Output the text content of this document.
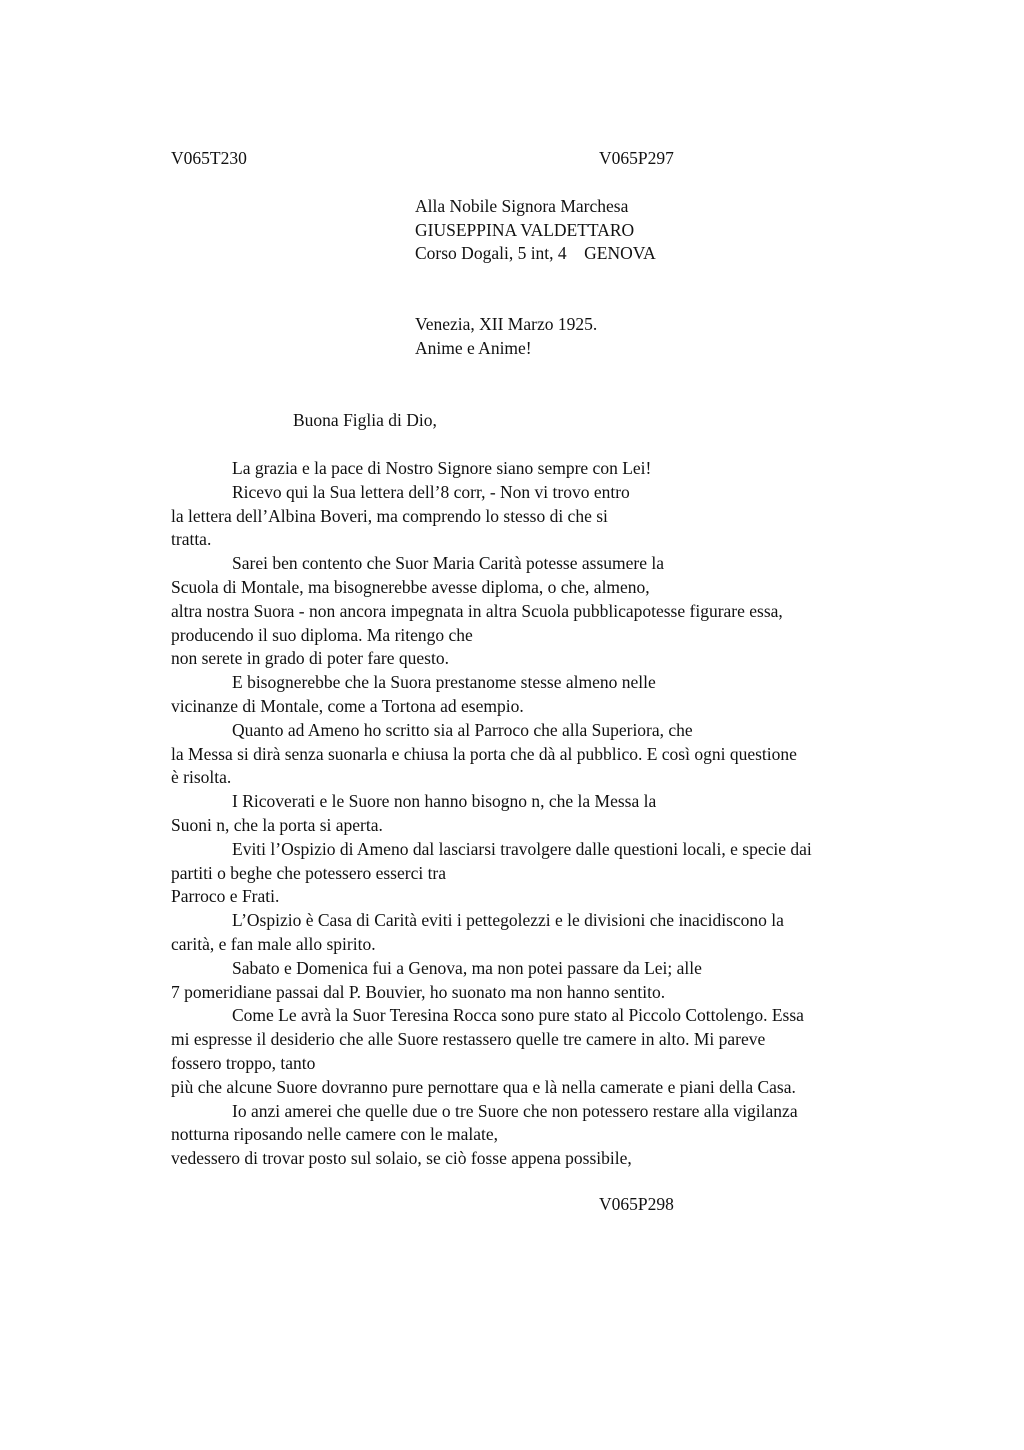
V065T230	V065P297
Alla Nobile Signora Marchesa
GIUSEPPINA VALDETTARO
Corso Dogali, 5 int, 4 GENOVA
Venezia, XII Marzo 1925.
Anime e Anime!
Buona Figlia di Dio,
La grazia e la pace di Nostro Signore siano sempre con Lei!
Ricevo qui la Sua lettera dell’8 corr, - Non vi trovo entro
la lettera dell’Albina Boveri, ma comprendo lo stesso di che si
tratta.
Sarei ben contento che Suor Maria Carità potesse assumere la
Scuola di Montale, ma bisognerebbe avesse diploma, o che, almeno,
altra nostra Suora - non ancora impegnata in altra Scuola pubblicapotesse figurare essa,
producendo il suo diploma. Ma ritengo che
non serete in grado di poter fare questo.
E bisognerebbe che la Suora prestanome stesse almeno nelle
vicinanze di Montale, come a Tortona ad esempio.
Quanto ad Ameno ho scritto sia al Parroco che alla Superiora, che
la Messa si dirà senza suonarla e chiusa la porta che dà al pubblico. E così ogni questione
è risolta.
I Ricoverati e le Suore non hanno bisogno n, che la Messa la
Suoni n, che la porta si aperta.
Eviti l’Ospizio di Ameno dal lasciarsi travolgere dalle questioni locali, e specie dai
partiti o beghe che potessero esserci tra
Parroco e Frati.
L’Ospizio è Casa di Carità eviti i pettegolezzi e le divisioni che inacidiscono la
carità, e fan male allo spirito.
Sabato e Domenica fui a Genova, ma non potei passare da Lei; alle
7 pomeridiane passai dal P. Bouvier, ho suonato ma non hanno sentito.
Come Le avrà la Suor Teresina Rocca sono pure stato al Piccolo Cottolengo. Essa
mi espresse il desiderio che alle Suore restassero quelle tre camere in alto. Mi pareve
fossero troppo, tanto
più che alcune Suore dovranno pure pernottare qua e là nella camerate e piani della Casa.
Io anzi amerei che quelle due o tre Suore che non potessero restare alla vigilanza
notturna riposando nelle camere con le malate,
vedessero di trovar posto sul solaio, se ciò fosse appena possibile,
V065P298
